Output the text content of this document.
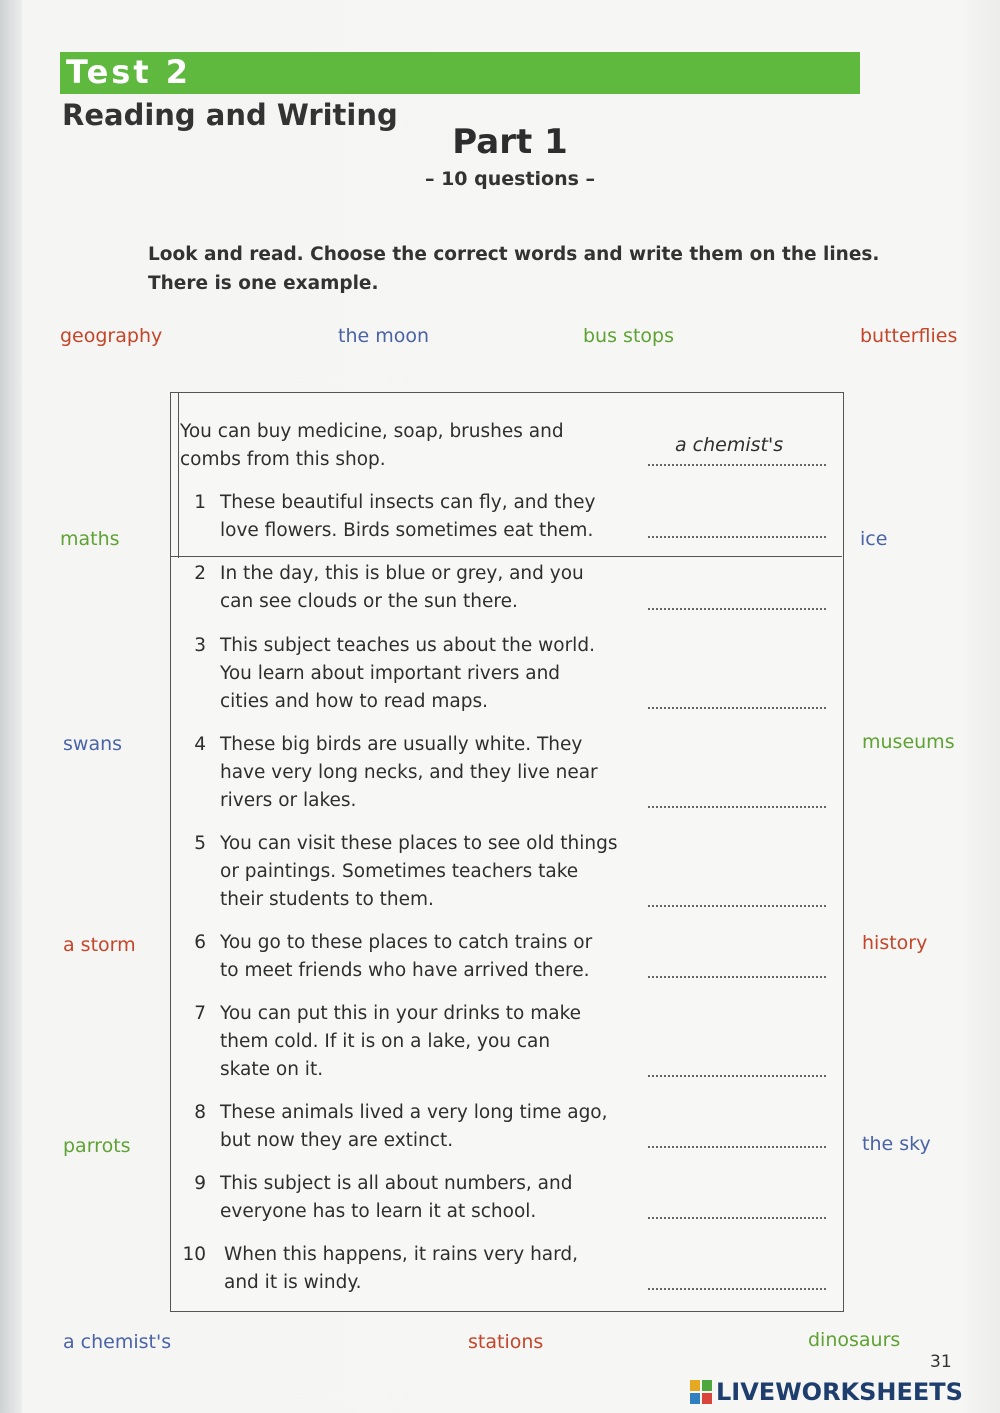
Test 2
Reading and Writing
Part 1
– 10 questions –
Look and read. Choose the correct words and write them on the lines.
There is one example.
geography	the moon	bus stops	butterflies
maths	ice
swans	museums
a storm	history
parrots	the sky
a chemist's	stations	dinosaurs
You can buy medicine, soap, brushes and
combs from this shop.
a chemist's
1 These beautiful insects can fly, and they
love flowers. Birds sometimes eat them.
2 In the day, this is blue or grey, and you
can see clouds or the sun there.
3 This subject teaches us about the world.
You learn about important rivers and
cities and how to read maps.
4 These big birds are usually white. They
have very long necks, and they live near
rivers or lakes.
5 You can visit these places to see old things
or paintings. Sometimes teachers take
their students to them.
6 You go to these places to catch trains or
to meet friends who have arrived there.
7 You can put this in your drinks to make
them cold. If it is on a lake, you can
skate on it.
8 These animals lived a very long time ago,
but now they are extinct.
9 This subject is all about numbers, and
everyone has to learn it at school.
10 When this happens, it rains very hard,
and it is windy.
31
LIVEWORKSHEETS
